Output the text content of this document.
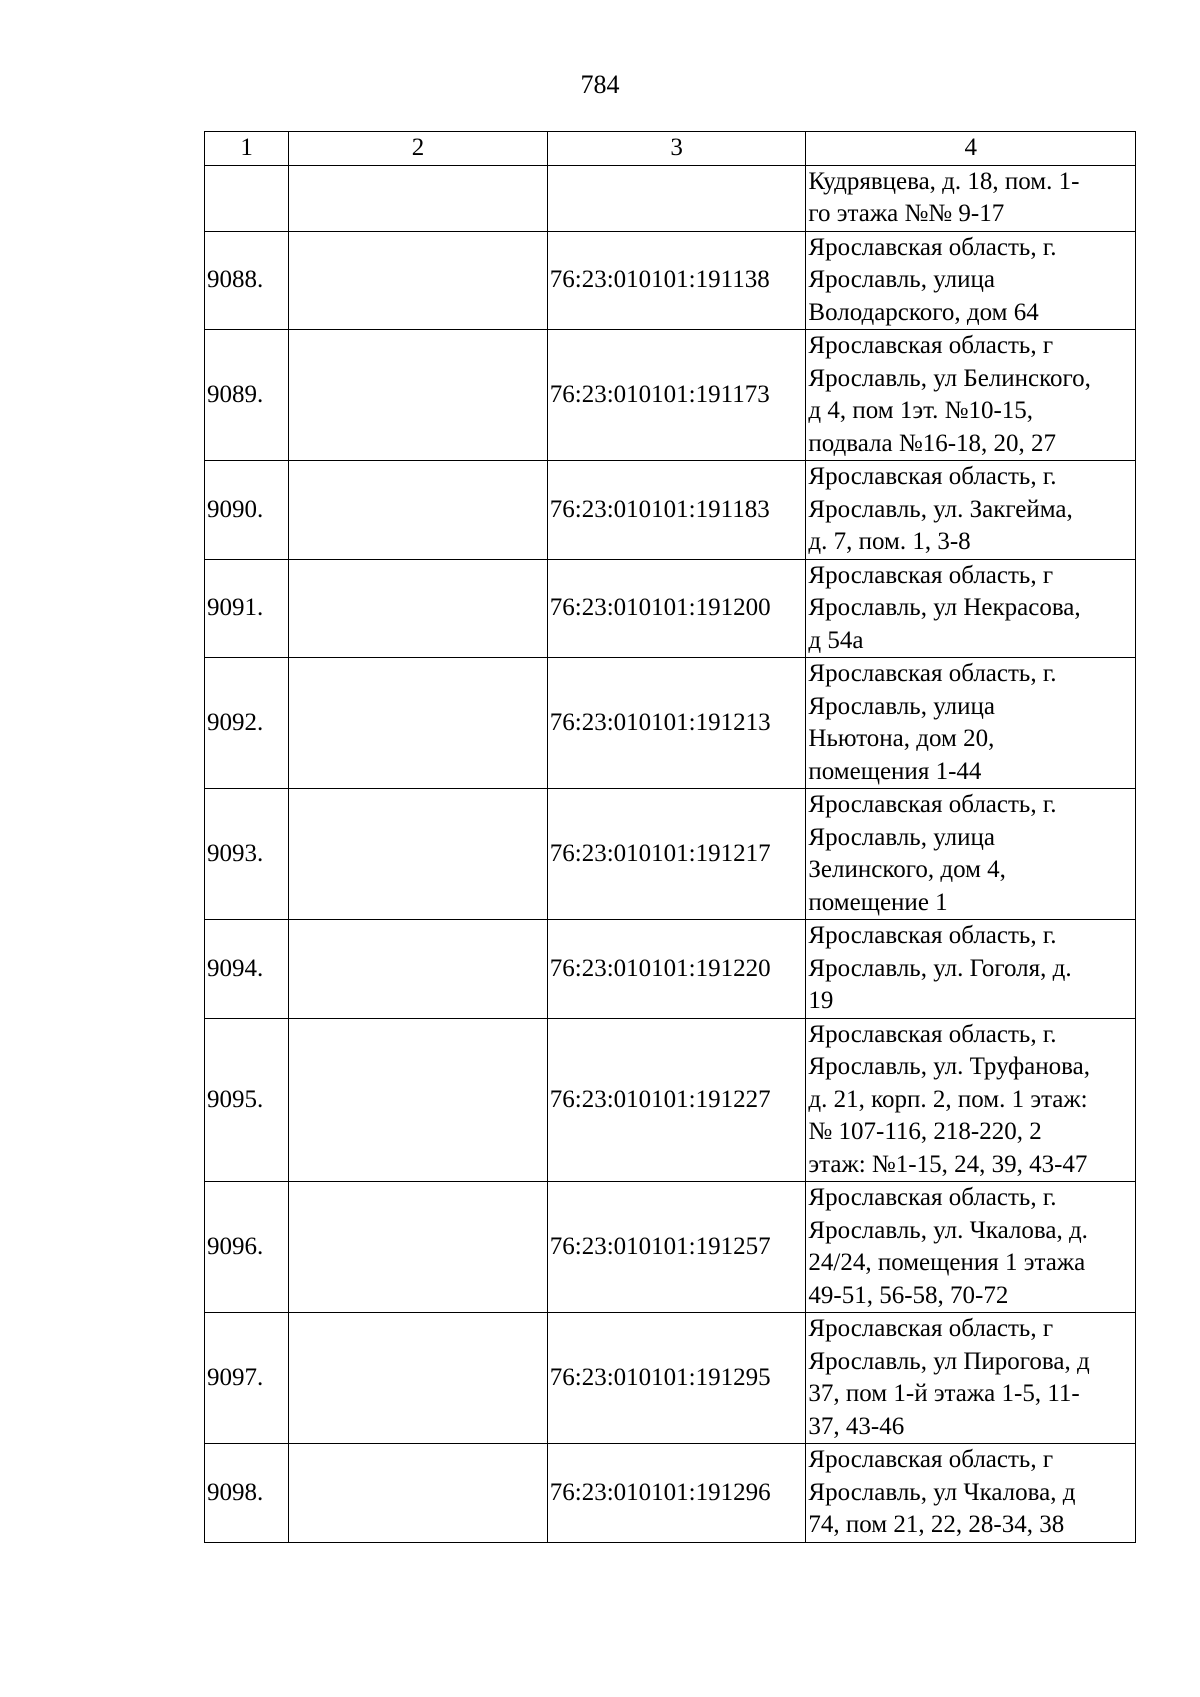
784
1	2	3	4

			Кудрявцева, д. 18, пом. 1-
го этажа №№ 9-17

9088.		76:23:010101:191138	Ярославская область, г.
Ярославль, улица
Володарского, дом 64

9089.		76:23:010101:191173	Ярославская область, г
Ярославль, ул Белинского,
д 4, пом 1эт. №10-15,
подвала №16-18, 20, 27

9090.		76:23:010101:191183	Ярославская область, г.
Ярославль, ул. Закгейма,
д. 7, пом. 1, 3-8

9091.		76:23:010101:191200	Ярославская область, г
Ярославль, ул Некрасова,
д 54а

9092.		76:23:010101:191213	Ярославская область, г.
Ярославль, улица
Ньютона, дом 20,
помещения 1-44

9093.		76:23:010101:191217	Ярославская область, г.
Ярославль, улица
Зелинского, дом 4,
помещение 1

9094.		76:23:010101:191220	Ярославская область, г.
Ярославль, ул. Гоголя, д.
19

9095.		76:23:010101:191227	Ярославская область, г.
Ярославль, ул. Труфанова,
д. 21, корп. 2, пом. 1 этаж:
№ 107-116, 218-220, 2
этаж: №1-15, 24, 39, 43-47

9096.		76:23:010101:191257	Ярославская область, г.
Ярославль, ул. Чкалова, д.
24/24, помещения 1 этажа
49-51, 56-58, 70-72

9097.		76:23:010101:191295	Ярославская область, г
Ярославль, ул Пирогова, д
37, пом 1-й этажа 1-5, 11-
37, 43-46

9098.		76:23:010101:191296	Ярославская область, г
Ярославль, ул Чкалова, д
74, пом 21, 22, 28-34, 38
